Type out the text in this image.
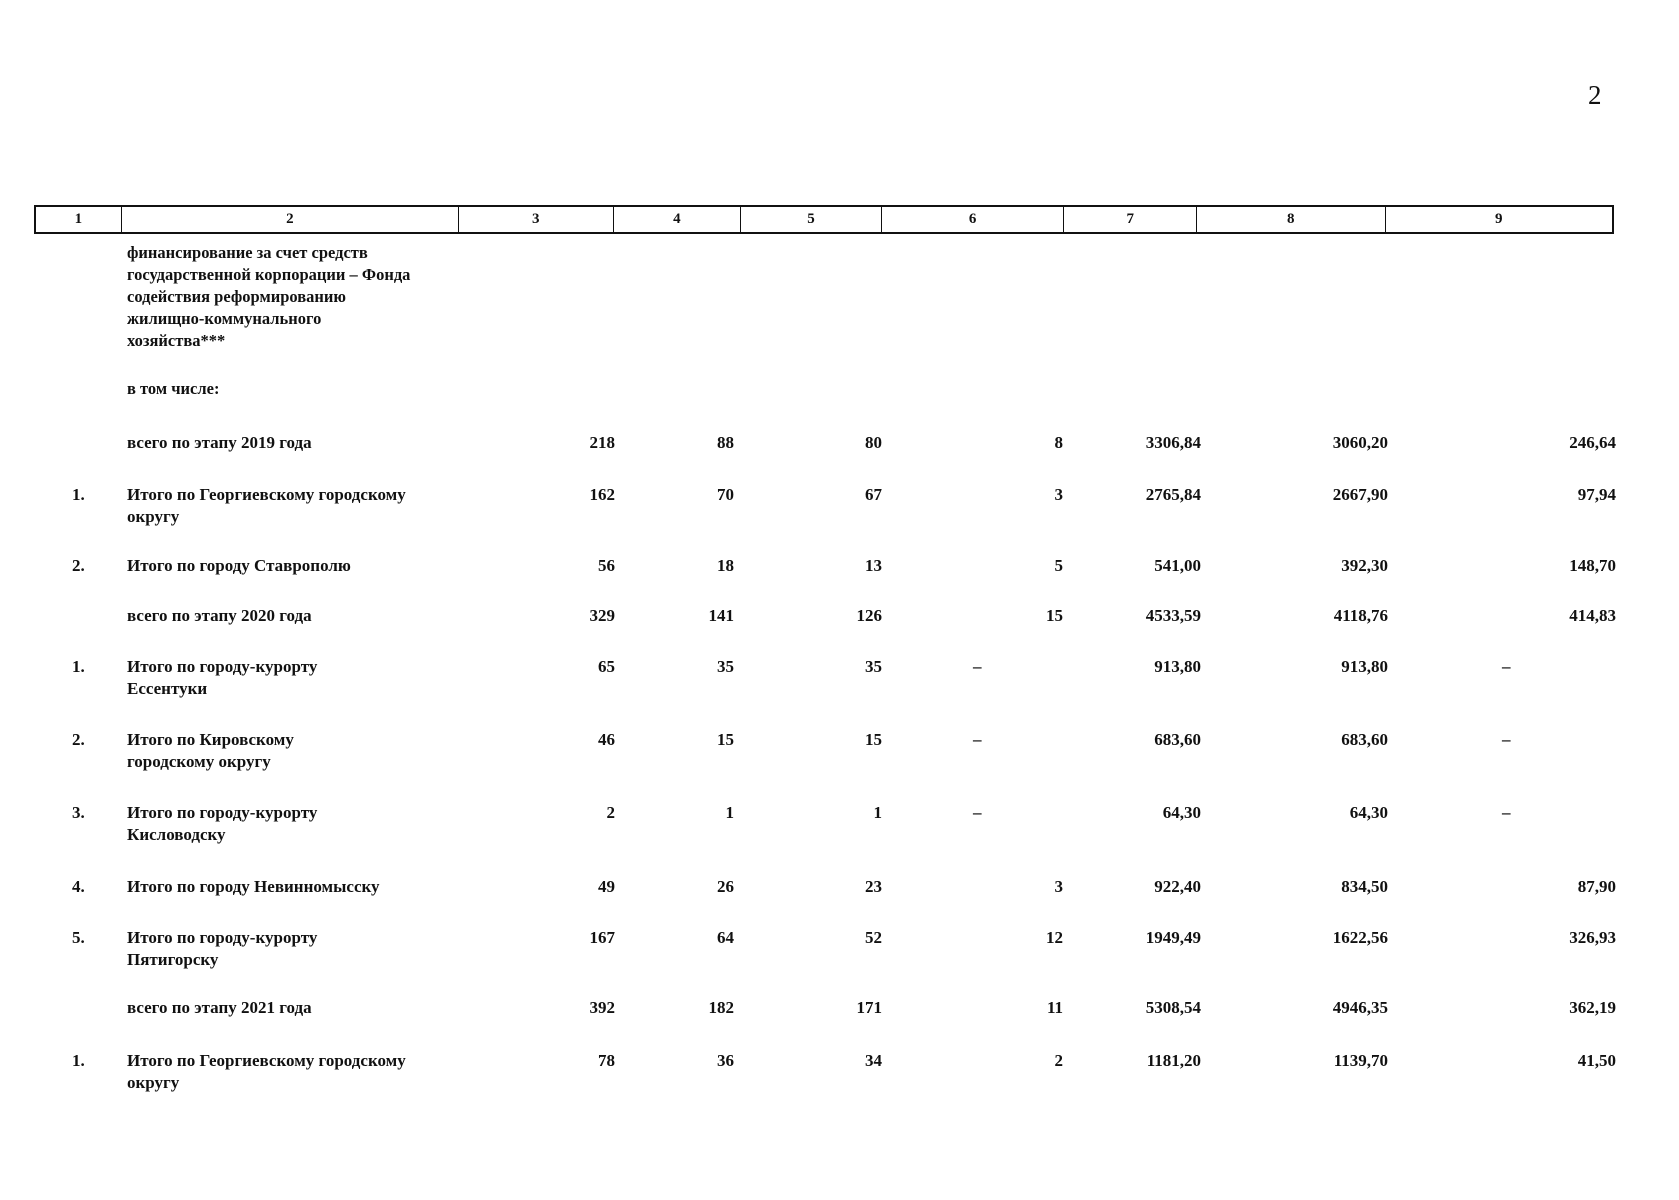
2
1	2	3	4	5	6	7	8	9
финансирование за счет средств
государственной корпорации – Фонда
содействия реформированию
жилищно-коммунального
хозяйства***
в том числе:
всего по этапу 2019 года	218	88	80	8	3306,84	3060,20	246,64
1. Итого по Георгиевскому городскому
округу
162	70	67	3	2765,84	2667,90	97,94
2. Итого по городу Ставрополю	56	18	13	5	541,00	392,30	148,70
всего по этапу 2020 года	329	141	126	15	4533,59	4118,76	414,83
1. Итого по городу-курорту
Ессентуки
65	35	35	–	913,80	913,80	–
2. Итого по Кировскому
городскому округу
46	15	15	–	683,60	683,60	–
3. Итого по городу-курорту
Кисловодску
2	1	1	–	64,30	64,30	–
4. Итого по городу Невинномысску	49	26	23	3	922,40	834,50	87,90
5. Итого по городу-курорту
Пятигорску
167	64	52	12	1949,49	1622,56	326,93
всего по этапу 2021 года	392	182	171	11	5308,54	4946,35	362,19
1. Итого по Георгиевскому городскому
округу
78	36	34	2	1181,20	1139,70	41,50
